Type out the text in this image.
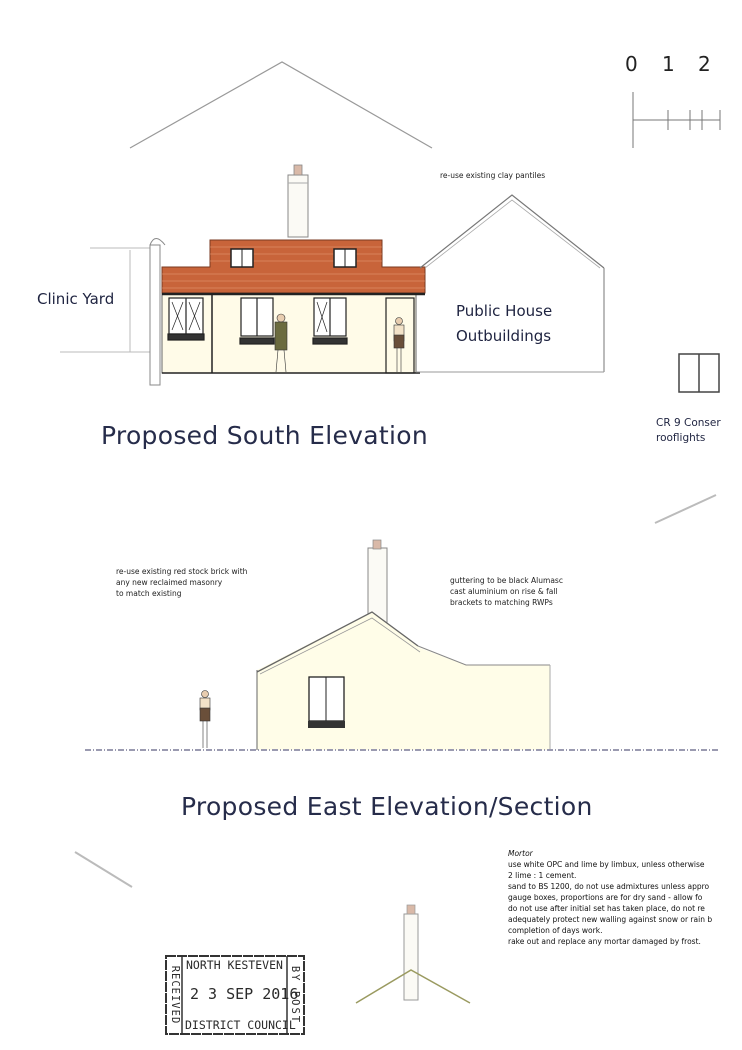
0 1 2
re-use existing clay pantiles
Clinic Yard
Public House
Outbuildings
Proposed South Elevation	CR 9 Conser
rooflights
re-use existing red stock brick with
any new reclaimed masonry
to match existing
guttering to be black Alumasc
cast aluminium on rise & fall
brackets to matching RWPs
Proposed East Elevation/Section
Mortor
use white OPC and lime by limbux, unless otherwise
2 lime : 1 cement.
sand to BS 1200, do not use admixtures unless appro
gauge boxes, proportions are for dry sand - allow fo
do not use after initial set has taken place, do not re
adequately protect new walling against snow or rain b
completion of days work.
rake out and replace any mortar damaged by frost.
NORTH KESTEVEN
2 3 SEP 2016
DISTRICT COUNCIL
RECEIVED	BY POST
